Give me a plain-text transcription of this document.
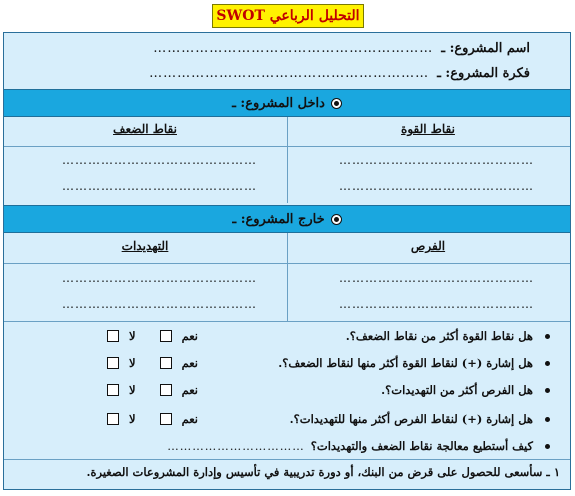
التحليل الرباعي SWOT
اسم المشروع: ـ
……………………………………………………
فكرة المشروع: ـ
……………………………………………………
داخل المشروع: ـ
نقاط القوة
نقاط الضعف
………………………………………
………………………………………
………………………………………
………………………………………
خارج المشروع: ـ
الفرص
التهديدات
………………………………………
………………………………………
………………………………………
………………………………………
هل نقاط القوة أكثر من نقاط الضعف؟.
نعم
لا
هل إشارة (+) لنقاط القوة أكثر منها لنقاط الضعف؟.
نعم
لا
هل الفرص أكثر من التهديدات؟.
نعم
لا
هل إشارة (+) لنقاط الفرص أكثر منها للتهديدات؟.
نعم
لا
كيف أستطيع معالجة نقاط الضعف والتهديدات؟
……………………………
١ ـ سأسعى للحصول على قرض من البنك، أو دورة تدريبية في تأسيس وإدارة المشروعات الصغيرة.
